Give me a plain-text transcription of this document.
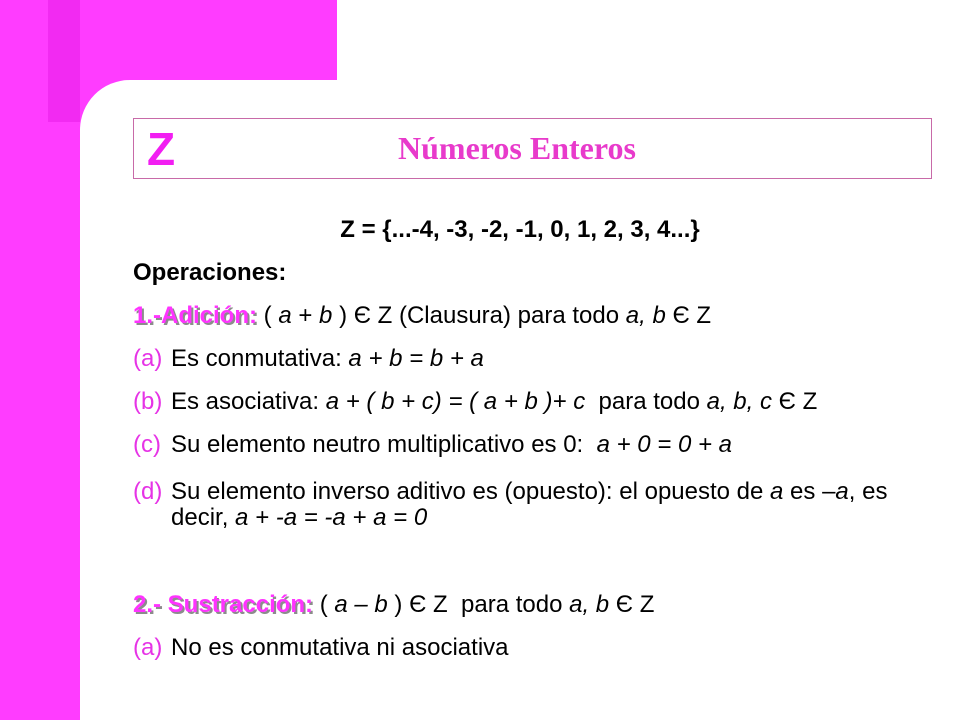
Z	Números Enteros
Z = {...-4, -3, -2, -1, 0, 1, 2, 3, 4...}
Operaciones:
1.-Adición: ( a + b ) Є Z (Clausura) para todo a, b Є Z
(a) Es conmutativa: a + b = b + a
(b) Es asociativa: a + ( b + c) = ( a + b )+ c  para todo a, b, c Є Z
(c) Su elemento neutro multiplicativo es 0:  a + 0 = 0 + a
(d) Su elemento inverso aditivo es (opuesto): el opuesto de a es –a, es
decir, a + -a = -a + a = 0
2.- Sustracción: ( a – b ) Є Z  para todo a, b Є Z
(a) No es conmutativa ni asociativa
